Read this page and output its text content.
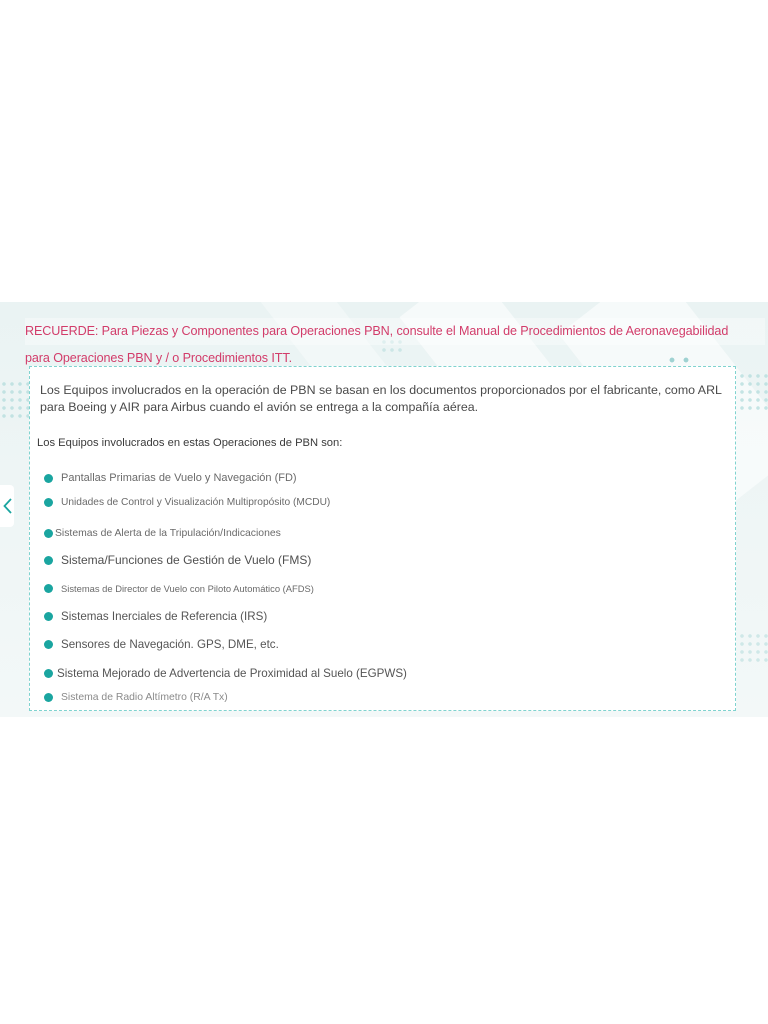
RECUERDE: Para Piezas y Componentes para Operaciones PBN, consulte el Manual de Procedimientos de Aeronavegabilidad
para Operaciones PBN y / o Procedimientos ITT.
Los Equipos involucrados en la operación de PBN se basan en los documentos proporcionados por el fabricante, como ARL
para Boeing y AIR para Airbus cuando el avión se entrega a la compañía aérea.
Los Equipos involucrados en estas Operaciones de PBN son:
Pantallas Primarias de Vuelo y Navegación (FD)
Unidades de Control y Visualización Multipropósito (MCDU)
Sistemas de Alerta de la Tripulación/Indicaciones
Sistema/Funciones de Gestión de Vuelo (FMS)
Sistemas de Director de Vuelo con Piloto Automático (AFDS)
Sistemas Inerciales de Referencia (IRS)
Sensores de Navegación. GPS, DME, etc.
Sistema Mejorado de Advertencia de Proximidad al Suelo (EGPWS)
Sistema de Radio Altímetro (R/A Tx)
